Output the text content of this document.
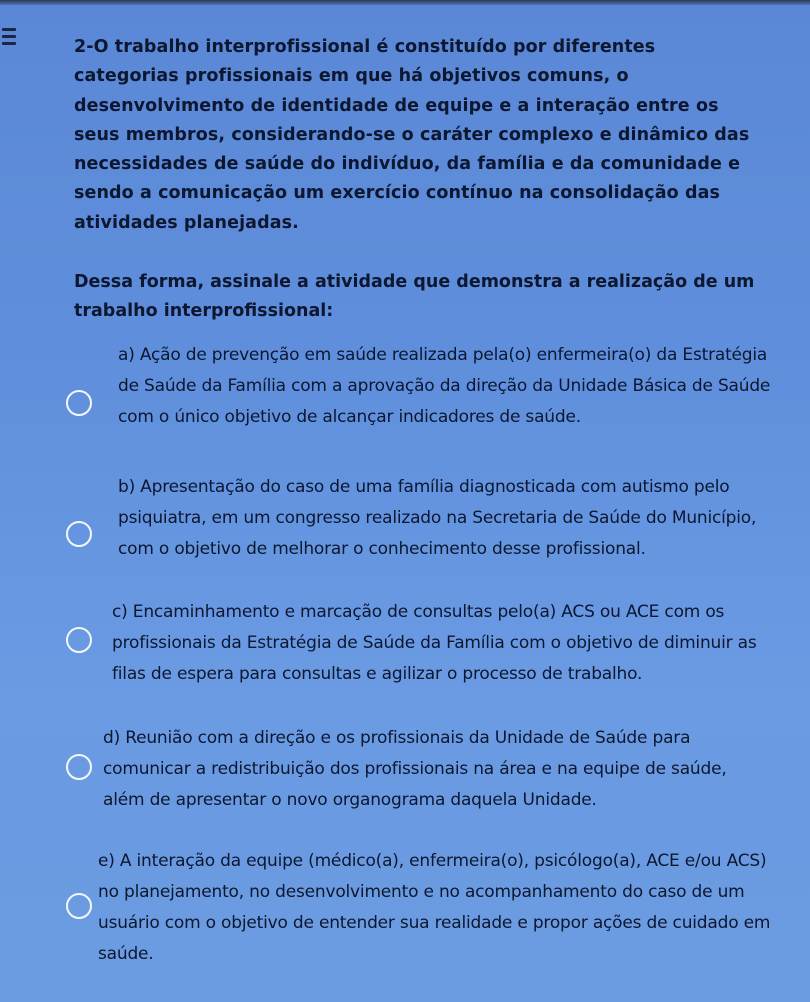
2-O trabalho interprofissional é constituído por diferentes categorias profissionais em que há objetivos comuns, o desenvolvimento de identidade de equipe e a interação entre os seus membros, considerando-se o caráter complexo e dinâmico das necessidades de saúde do indivíduo, da família e da comunidade e sendo a comunicação um exercício contínuo na consolidação das atividades planejadas.

Dessa forma, assinale a atividade que demonstra a realização de um trabalho interprofissional:

a) Ação de prevenção em saúde realizada pela(o) enfermeira(o) da Estratégia de Saúde da Família com a aprovação da direção da Unidade Básica de Saúde com o único objetivo de alcançar indicadores de saúde.

b) Apresentação do caso de uma família diagnosticada com autismo pelo psiquiatra, em um congresso realizado na Secretaria de Saúde do Município, com o objetivo de melhorar o conhecimento desse profissional.

c) Encaminhamento e marcação de consultas pelo(a) ACS ou ACE com os profissionais da Estratégia de Saúde da Família com o objetivo de diminuir as filas de espera para consultas e agilizar o processo de trabalho.

d) Reunião com a direção e os profissionais da Unidade de Saúde para comunicar a redistribuição dos profissionais na área e na equipe de saúde, além de apresentar o novo organograma daquela Unidade.

e) A interação da equipe (médico(a), enfermeira(o), psicólogo(a), ACE e/ou ACS) no planejamento, no desenvolvimento e no acompanhamento do caso de um usuário com o objetivo de entender sua realidade e propor ações de cuidado em saúde.
